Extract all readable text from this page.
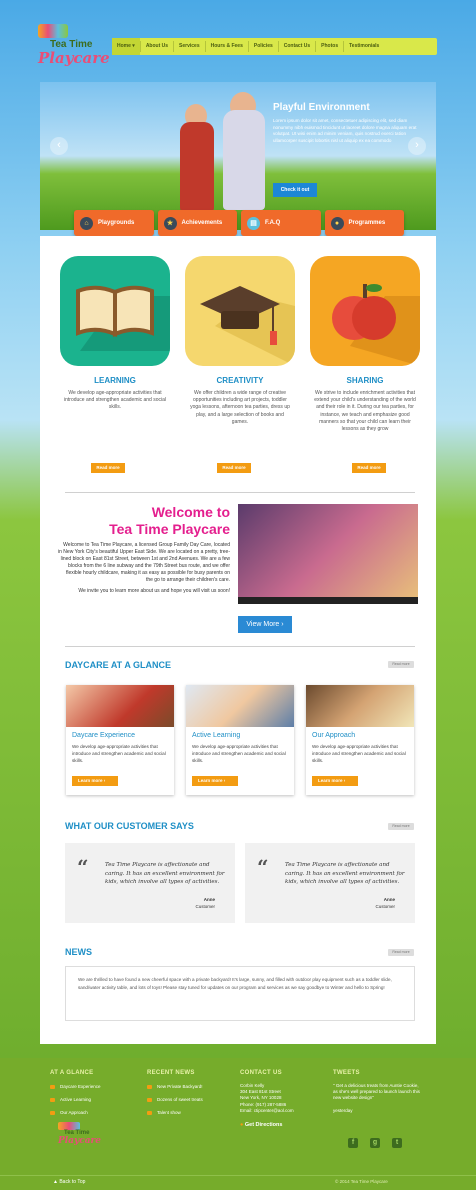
Tea Time
Playcare
Home ▾	About Us	Services	Hours & Fees	Policies	Contact Us	Photos	Testimonials
Playful Environment
Lorem ipsum dolor sit amet, consectetuer adipiscing elit, sed diam nonummy nibh euismod tincidunt ut laoreet dolore magna aliquam erat volutpat. Ut wisi enim ad minim veniam, quis nostrud exerci tation ullamcorper suscipit lobortis nisl ut aliquip ex ea commodo
Check it out
‹	›
⌂	Playgrounds	★	Achievements	▤	F.A.Q	●	Programmes
LEARNING

We develop age-appropriate activities that introduce and strengthen academic and social skills.

CREATIVITY

We offer children a wide range of creative opportunities including art projects, toddler yoga lessons, afternoon tea parties, dress up play, and a large selection of books and games.

SHARING

We strive to include enrichment activities that extend your child's understanding of the world and their role in it. During our tea parties, for instance, we teach and emphasize good manners so that your child can learn their lessons as they grow

Read more	Read more	Read more
Welcome to
Tea Time Playcare

Welcome to Tea Time Playcare, a licensed Group Family Day Care, located in New York City's beautiful Upper East Side. We are located on a pretty, tree-lined block on East 81st Street, between 1st and 2nd Avenues. We are a few blocks from the 6 line subway and the 79th Street bus route, and we offer flexible hourly childcare, making it as easy as possible for busy parents on the go to arrange their children's care.

We invite you to learn more about us and hope you will visit us soon!

View More ›
DAYCARE AT A GLANCE	Read more
Daycare Experience

We develop age-appropriate activities that introduce and strengthen academic and social skills.

Learn more ›
Active Learning

We develop age-appropriate activities that introduce and strengthen academic and social skills.

Learn more ›
Our Approach

We develop age-appropriate activities that introduce and strengthen academic and social skills.

Learn more ›
WHAT OUR CUSTOMER SAYS	Read more
“	Tea Time Playcare is affectionate and caring. It has an excellent environment for kids, which involve all types of activities.

Anne
Customer
“	Tea Time Playcare is affectionate and caring. It has an excellent environment for kids, which involve all types of activities.

Anne
Customer
NEWS	Read more

We are thrilled to have found a new cheerful space with a private backyard! It's large, sunny, and filled with outdoor play equipment such as a toddler slide, sand/water activity table, and lots of toys! Please stay tuned for updates on our program and services as we say goodbye to Winter and hello to Spring!

AT A GLANCE
Daycare Experience
Active Learning
Our Approach
RECENT NEWS
New Private Backyard!
Dozens of sweet treats
Talent show
CONTACT US
Corbin Kelly
304 East 81st Street
New York, NY 10028
Phone: (917) 287-5886
Email: ctipcenter@aol.com
● Get Directions
TWEETS
" Get a delicious treats from Auntie Cookie, as she's well prepared to launch launch this new website design"
yesterday
Tea Time
Playcare	f	g	t
▲ Back to Top	© 2014 Tea Time Playcare
